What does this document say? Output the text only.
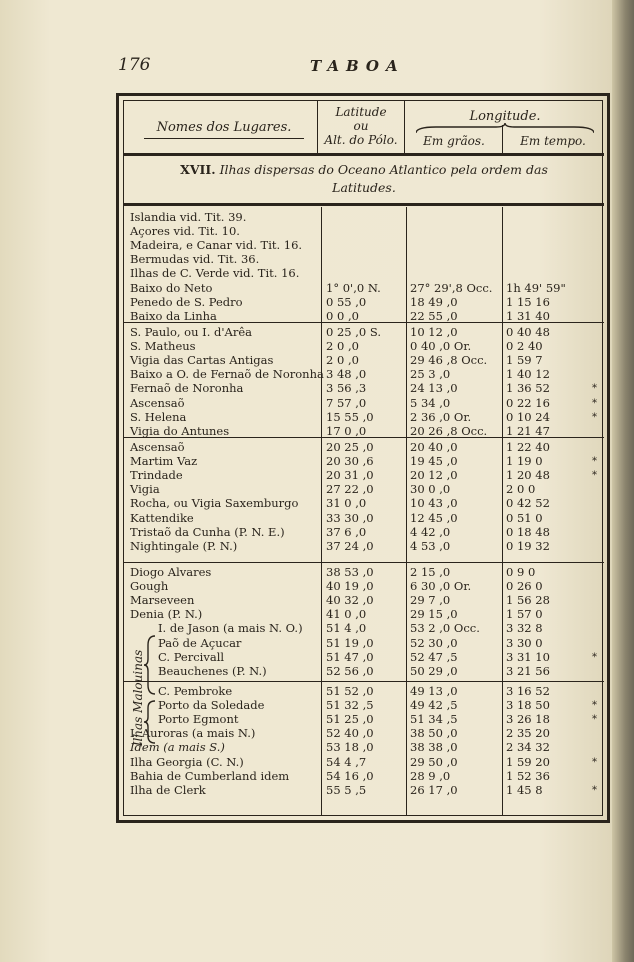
176	TABOA
Nomes dos Lugares.
Latitude
ou
Alt. do Pólo.
Longitude.
Em grãos.	Em tempo.
XVII. Ilhas dispersas do Oceano Atlantico pela ordem das
Latitudes.
Islandia vid. Tit. 39.
Açores vid. Tit. 10.
Madeira, e Canar vid. Tit. 16.
Bermudas vid. Tit. 36.
Ilhas de C. Verde vid. Tit. 16.
Baixo do Neto	1° 0',0 N.	27° 29',8 Occ.	1h 49' 59"
Penedo de S. Pedro	0 55 ,0	18 49 ,0	1 15 16
Baixo da Linha	0 0 ,0	22 55 ,0	1 31 40
S. Paulo, ou I. d'Arêa	0 25 ,0 S.	10 12 ,0	0 40 48
S. Matheus	2 0 ,0	0 40 ,0 Or.	0 2 40
Vigia das Cartas Antigas	2 0 ,0	29 46 ,8 Occ.	1 59 7
Baixo a O. de Fernaõ de Noronha 3 48 ,0	25 3 ,0	1 40 12
Fernaõ de Noronha	3 56 ,3	24 13 ,0	1 36 52	*
Ascensaõ	7 57 ,0	5 34 ,0	0 22 16	*
S. Helena	15 55 ,0	2 36 ,0 Or.	0 10 24	*
Vigia do Antunes	17 0 ,0	20 26 ,8 Occ.	1 21 47
Ascensaõ	20 25 ,0	20 40 ,0	1 22 40
Martim Vaz	20 30 ,6	19 45 ,0	1 19 0	*
Trindade	20 31 ,0	20 12 ,0	1 20 48	*
Vigia	27 22 ,0	30 0 ,0	2 0 0
Rocha, ou Vigia Saxemburgo 31 0 ,0	10 43 ,0	0 42 52
Kattendike	33 30 ,0	12 45 ,0	0 51 0
Tristaõ da Cunha (P. N. E.)	37 6 ,0	4 42 ,0	0 18 48
Nightingale (P. N.)	37 24 ,0	4 53 ,0	0 19 32
Diogo Alvares	38 53 ,0	2 15 ,0	0 9 0
Gough	40 19 ,0	6 30 ,0 Or.	0 26 0
Marseveen	40 32 ,0	29 7 ,0	1 56 28
Denia (P. N.)	41 0 ,0	29 15 ,0	1 57 0
I. de Jason (a mais N. O.) 51 4 ,0	53 2 ,0 Occ.	3 32 8
Paõ de Açucar	51 19 ,0	52 30 ,0	3 30 0
C. Percivall	51 47 ,0	52 47 ,5	3 31 10	*
Beauchenes (P. N.)	52 56 ,0	50 29 ,0	3 21 56
C. Pembroke	51 52 ,0	49 13 ,0	3 16 52
Porto da Soledade	51 32 ,5	49 42 ,5	3 18 50	*
Porto Egmont	51 25 ,0	51 34 ,5	3 26 18	*
I. Auroras (a mais N.)	52 40 ,0	38 50 ,0	2 35 20
Idem (a mais S.)	53 18 ,0	38 38 ,0	2 34 32
Ilha Georgia (C. N.)	54 4 ,7	29 50 ,0	1 59 20	*
Bahia de Cumberland idem	54 16 ,0	28 9 ,0	1 52 36
Ilha de Clerk	55 5 ,5	26 17 ,0	1 45 8	*
Ilhas Malouinas
